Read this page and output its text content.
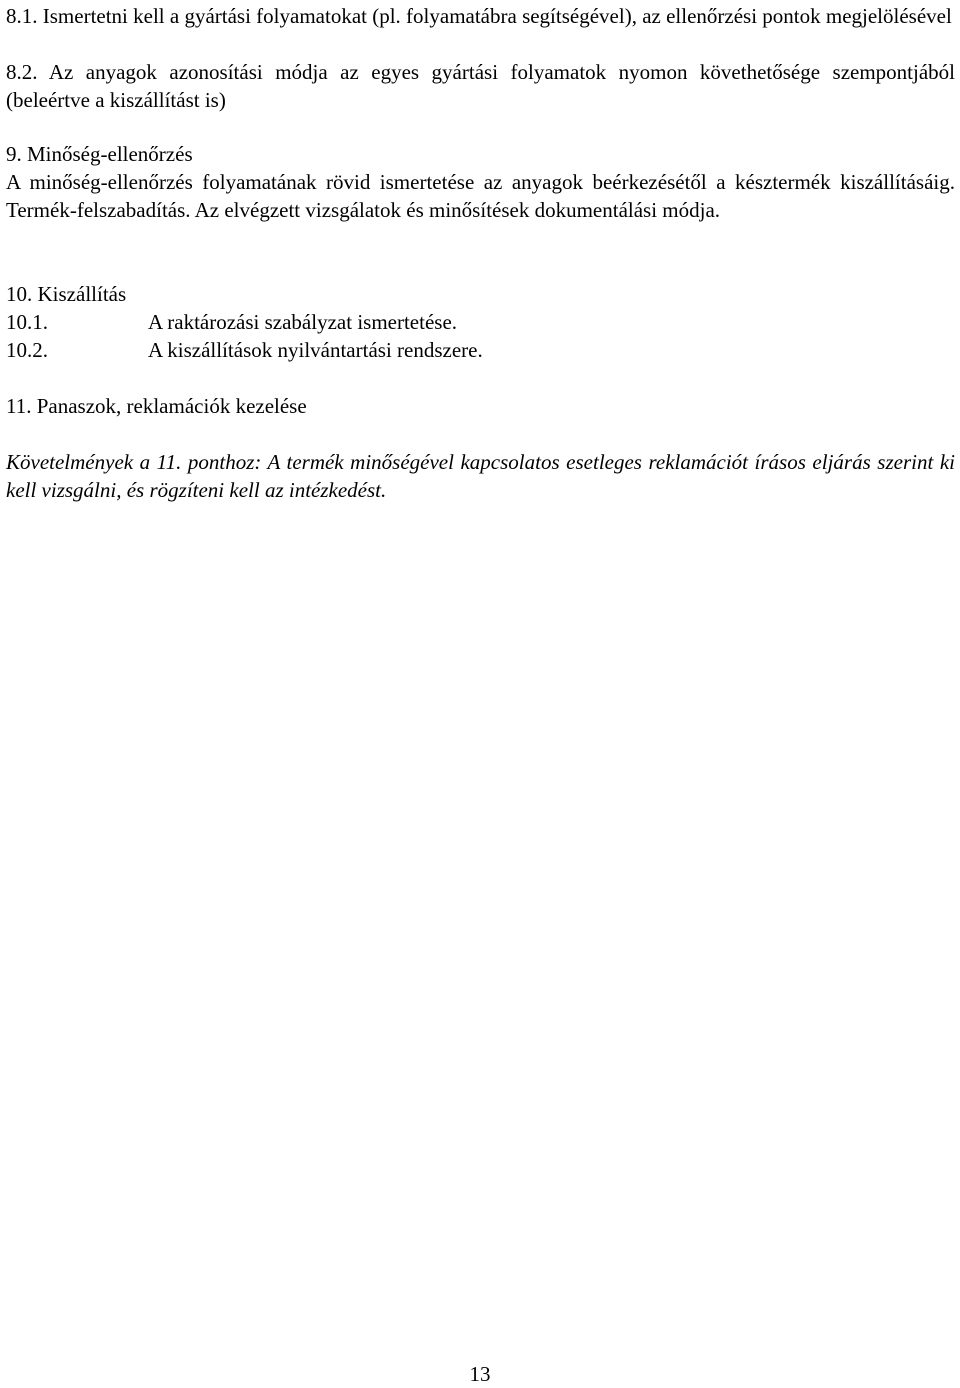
8.1. Ismertetni kell a gyártási folyamatokat (pl. folyamatábra segítségével), az ellenőrzési pontok megjelölésével
8.2. Az anyagok azonosítási módja az egyes gyártási folyamatok nyomon követhetősége szempontjából (beleértve a kiszállítást is)
9. Minőség-ellenőrzés
A minőség-ellenőrzés folyamatának rövid ismertetése az anyagok beérkezésétől a késztermék kiszállításáig. Termék-felszabadítás. Az elvégzett vizsgálatok és minősítések dokumentálási módja.
10. Kiszállítás
10.1.	A raktározási szabályzat ismertetése.
10.2.	A kiszállítások nyilvántartási rendszere.
11. Panaszok, reklamációk kezelése
Követelmények a 11. ponthoz: A termék minőségével kapcsolatos esetleges reklamációt írásos eljárás szerint ki kell vizsgálni, és rögzíteni kell az intézkedést.
13
